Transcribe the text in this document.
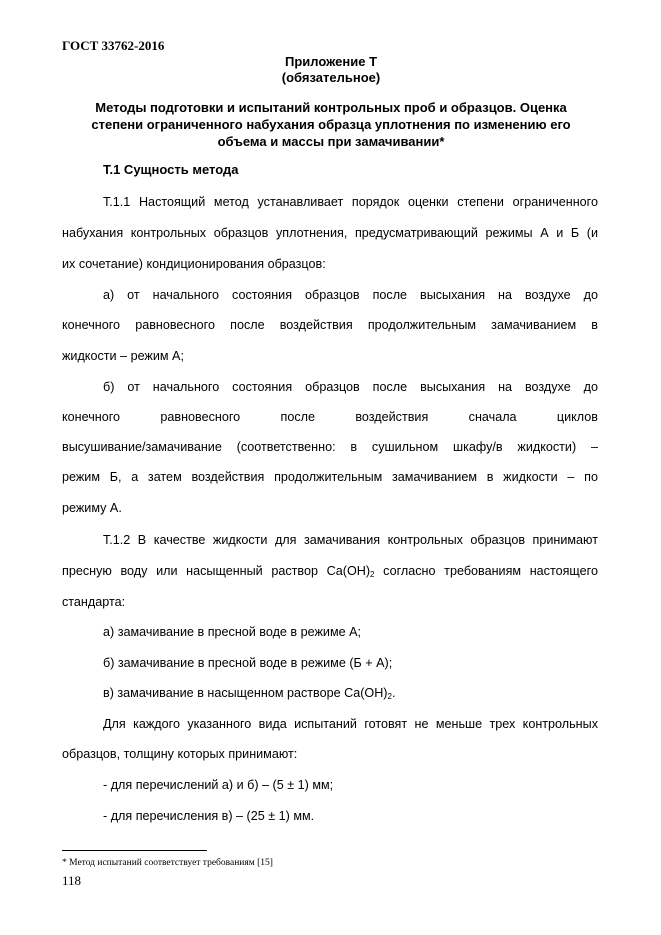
ГОСТ 33762-2016
Приложение Т
(обязательное)
Методы подготовки и испытаний контрольных проб и образцов. Оценка
степени ограниченного набухания образца уплотнения по изменению его
объема и массы при замачивании*
Т.1 Сущность метода
Т.1.1 Настоящий метод устанавливает порядок оценки степени ограниченного
набухания контрольных образцов уплотнения, предусматривающий режимы А и Б (и
их сочетание) кондиционирования образцов:
а) от начального состояния образцов после высыхания на воздухе до
конечного равновесного после воздействия продолжительным замачиванием в
жидкости – режим А;
б) от начального состояния образцов после высыхания на воздухе до
конечного равновесного после воздействия сначала циклов
высушивание/замачивание (соответственно: в сушильном шкафу/в жидкости) –
режим Б, а затем воздействия продолжительным замачиванием в жидкости – по
режиму А.
Т.1.2 В качестве жидкости для замачивания контрольных образцов принимают
пресную воду или насыщенный раствор $Ca(OH)_2$ согласно требованиям настоящего
стандарта:
а) замачивание в пресной воде в режиме А;
б) замачивание в пресной воде в режиме (Б + А);
в) замачивание в насыщенном растворе $Ca(OH)_2$.
Для каждого указанного вида испытаний готовят не меньше трех контрольных
образцов, толщину которых принимают:
- для перечислений а) и б) – (5 ± 1) мм;
- для перечисления в) – (25 ± 1) мм.
* Метод испытаний соответствует требованиям [15]
118
